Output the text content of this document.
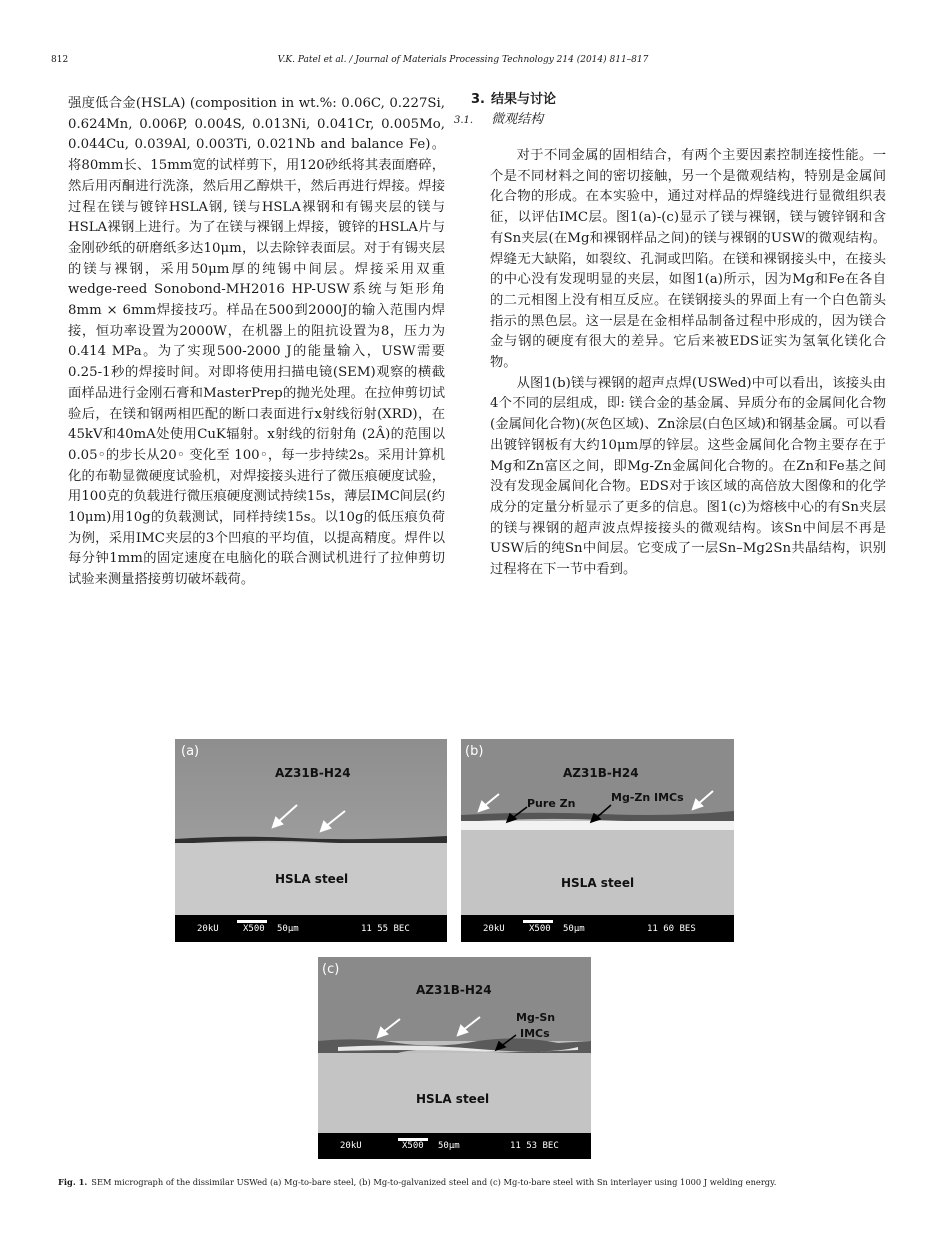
812	V.K. Patel et al. / Journal of Materials Processing Technology 214 (2014) 811–817

强度低合金(HSLA) (composition in wt.%: 0.06C, 0.227Si, 0.624Mn, 0.006P, 0.004S, 0.013Ni, 0.041Cr, 0.005Mo, 0.044Cu, 0.039Al, 0.003Ti, 0.021Nb and balance Fe)。将80mm长、15mm宽的试样剪下，用120砂纸将其表面磨碎，然后用丙酮进行洗涤，然后用乙醇烘干，然后再进行焊接。焊接过程在镁与镀锌HSLA钢, 镁与HSLA裸钢和有锡夹层的镁与HSLA裸钢上进行。为了在镁与裸钢上焊接，镀锌的HSLA片与金刚砂纸的研磨纸多达10μm，以去除锌表面层。对于有锡夹层的镁与裸钢，采用50μm厚的纯锡中间层。焊接采用双重wedge-reed Sonobond-MH2016 HP-USW系统与矩形角8mm × 6mm焊接技巧。样品在500到2000J的输入范围内焊接，恒功率设置为2000W，在机器上的阻抗设置为8，压力为0.414 MPa。为了实现500-2000 J的能量输入，USW需要0.25-1秒的焊接时间。对即将使用扫描电镜(SEM)观察的横截面样品进行金刚石膏和MasterPrep的抛光处理。在拉伸剪切试验后，在镁和钢两相匹配的断口表面进行x射线衍射(XRD)，在45kV和40mA处使用CuK辐射。x射线的衍射角 (2Â)的范围以0.05◦的步长从20◦ 变化至 100◦，每一步持续2s。采用计算机化的布勒显微硬度试验机，对焊接接头进行了微压痕硬度试验，用100克的负载进行微压痕硬度测试持续15s，薄层IMC间层(约10μm)用10g的负载测试，同样持续15s。以10g的低压痕负荷为例，采用IMC夹层的3个凹痕的平均值，以提高精度。焊件以每分钟1mm的固定速度在电脑化的联合测试机进行了拉伸剪切试验来测量搭接剪切破坏载荷。

3. 结果与讨论
3.1. 微观结构

对于不同金属的固相结合，有两个主要因素控制连接性能。一个是不同材料之间的密切接触，另一个是微观结构，特别是金属间化合物的形成。在本实验中，通过对样品的焊缝线进行显微组织表征，以评估IMC层。图1(a)-(c)显示了镁与裸钢，镁与镀锌钢和含有Sn夹层(在Mg和裸钢样品之间)的镁与裸钢的USW的微观结构。焊缝无大缺陷，如裂纹、孔洞或凹陷。在镁和裸钢接头中，在接头的中心没有发现明显的夹层，如图1(a)所示，因为Mg和Fe在各自的二元相图上没有相互反应。在镁钢接头的界面上有一个白色箭头指示的黑色层。这一层是在金相样品制备过程中形成的，因为镁合金与钢的硬度有很大的差异。它后来被EDS证实为氢氧化镁化合物。

从图1(b)镁与裸钢的超声点焊(USWed)中可以看出，该接头由4个不同的层组成，即: 镁合金的基金属、异质分布的金属间化合物(金属间化合物)(灰色区域)、Zn涂层(白色区域)和钢基金属。可以看出镀锌钢板有大约10μm厚的锌层。这些金属间化合物主要存在于Mg和Zn富区之间，即Mg-Zn金属间化合物的。在Zn和Fe基之间没有发现金属间化合物。EDS对于该区域的高倍放大图像和的化学成分的定量分析显示了更多的信息。图1(c)为熔核中心的有Sn夹层的镁与裸钢的超声波点焊接接头的微观结构。该Sn中间层不再是USW后的纯Sn中间层。它变成了一层Sn–Mg2Sn共晶结构，识别过程将在下一节中看到。

(a)
AZ31B-H24
HSLA steel
20kU	X500 50μm	11 55 BEC
(b)
AZ31B-H24
Pure Zn	Mg-Zn IMCs
HSLA steel
20kU	X500 50μm	11 60 BES
(c)
AZ31B-H24
Mg-Sn
IMCs
HSLA steel
20kU	X500 50μm	11 53 BEC
Fig. 1. SEM micrograph of the dissimilar USWed (a) Mg-to-bare steel, (b) Mg-to-galvanized steel and (c) Mg-to-bare steel with Sn interlayer using 1000 J welding energy.
